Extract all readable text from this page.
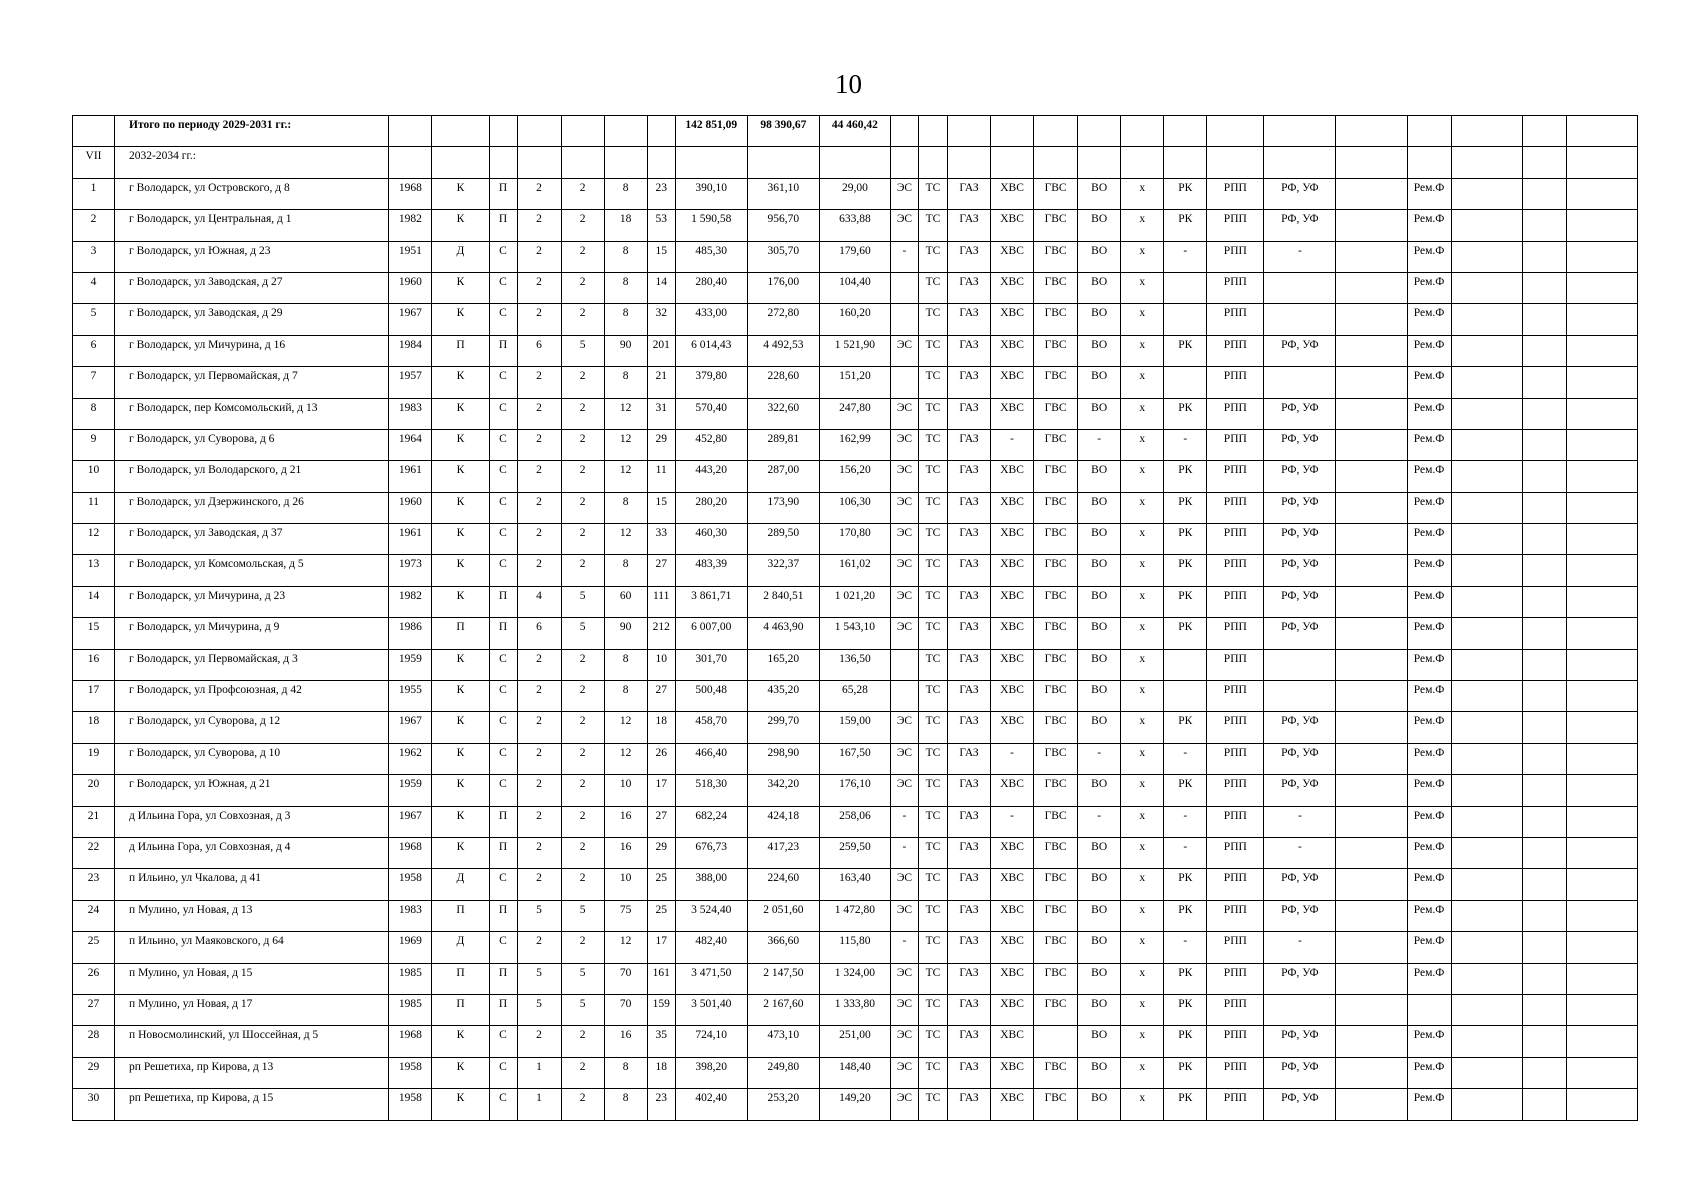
10
	Итого по периоду 2029-2031 гг.:								142 851,09	98 390,67	44 460,42															
VII	2032-2034 гг.:																									
1	г Володарск, ул Островского, д 8	1968	К	П	2	2	8	23	390,10	361,10	29,00	ЭС	ТС	ГАЗ	ХВС	ГВС	ВО	х	РК	РПП	РФ, УФ		Рем.Ф			
2	г Володарск, ул Центральная, д 1	1982	К	П	2	2	18	53	1 590,58	956,70	633,88	ЭС	ТС	ГАЗ	ХВС	ГВС	ВО	х	РК	РПП	РФ, УФ		Рем.Ф			
3	г Володарск, ул Южная, д 23	1951	Д	С	2	2	8	15	485,30	305,70	179,60	-	ТС	ГАЗ	ХВС	ГВС	ВО	х	-	РПП	-		Рем.Ф			
4	г Володарск, ул Заводская, д 27	1960	К	С	2	2	8	14	280,40	176,00	104,40		ТС	ГАЗ	ХВС	ГВС	ВО	х		РПП			Рем.Ф			
5	г Володарск, ул Заводская, д 29	1967	К	С	2	2	8	32	433,00	272,80	160,20		ТС	ГАЗ	ХВС	ГВС	ВО	х		РПП			Рем.Ф			
6	г Володарск, ул Мичурина, д 16	1984	П	П	6	5	90	201	6 014,43	4 492,53	1 521,90	ЭС	ТС	ГАЗ	ХВС	ГВС	ВО	х	РК	РПП	РФ, УФ		Рем.Ф			
7	г Володарск, ул Первомайская, д 7	1957	К	С	2	2	8	21	379,80	228,60	151,20		ТС	ГАЗ	ХВС	ГВС	ВО	х		РПП			Рем.Ф			
8	г Володарск, пер Комсомольский, д 13	1983	К	С	2	2	12	31	570,40	322,60	247,80	ЭС	ТС	ГАЗ	ХВС	ГВС	ВО	х	РК	РПП	РФ, УФ		Рем.Ф			
9	г Володарск, ул Суворова, д 6	1964	К	С	2	2	12	29	452,80	289,81	162,99	ЭС	ТС	ГАЗ	-	ГВС	-	х	-	РПП	РФ, УФ		Рем.Ф			
10	г Володарск, ул Володарского, д 21	1961	К	С	2	2	12	11	443,20	287,00	156,20	ЭС	ТС	ГАЗ	ХВС	ГВС	ВО	х	РК	РПП	РФ, УФ		Рем.Ф			
11	г Володарск, ул Дзержинского, д 26	1960	К	С	2	2	8	15	280,20	173,90	106,30	ЭС	ТС	ГАЗ	ХВС	ГВС	ВО	х	РК	РПП	РФ, УФ		Рем.Ф			
12	г Володарск, ул Заводская, д 37	1961	К	С	2	2	12	33	460,30	289,50	170,80	ЭС	ТС	ГАЗ	ХВС	ГВС	ВО	х	РК	РПП	РФ, УФ		Рем.Ф			
13	г Володарск, ул Комсомольская, д 5	1973	К	С	2	2	8	27	483,39	322,37	161,02	ЭС	ТС	ГАЗ	ХВС	ГВС	ВО	х	РК	РПП	РФ, УФ		Рем.Ф			
14	г Володарск, ул Мичурина, д 23	1982	К	П	4	5	60	111	3 861,71	2 840,51	1 021,20	ЭС	ТС	ГАЗ	ХВС	ГВС	ВО	х	РК	РПП	РФ, УФ		Рем.Ф			
15	г Володарск, ул Мичурина, д 9	1986	П	П	6	5	90	212	6 007,00	4 463,90	1 543,10	ЭС	ТС	ГАЗ	ХВС	ГВС	ВО	х	РК	РПП	РФ, УФ		Рем.Ф			
16	г Володарск, ул Первомайская, д 3	1959	К	С	2	2	8	10	301,70	165,20	136,50		ТС	ГАЗ	ХВС	ГВС	ВО	х		РПП			Рем.Ф			
17	г Володарск, ул Профсоюзная, д 42	1955	К	С	2	2	8	27	500,48	435,20	65,28		ТС	ГАЗ	ХВС	ГВС	ВО	х		РПП			Рем.Ф			
18	г Володарск, ул Суворова, д 12	1967	К	С	2	2	12	18	458,70	299,70	159,00	ЭС	ТС	ГАЗ	ХВС	ГВС	ВО	х	РК	РПП	РФ, УФ		Рем.Ф			
19	г Володарск, ул Суворова, д 10	1962	К	С	2	2	12	26	466,40	298,90	167,50	ЭС	ТС	ГАЗ	-	ГВС	-	х	-	РПП	РФ, УФ		Рем.Ф			
20	г Володарск, ул Южная, д 21	1959	К	С	2	2	10	17	518,30	342,20	176,10	ЭС	ТС	ГАЗ	ХВС	ГВС	ВО	х	РК	РПП	РФ, УФ		Рем.Ф			
21	д Ильина Гора, ул Совхозная, д 3	1967	К	П	2	2	16	27	682,24	424,18	258,06	-	ТС	ГАЗ	-	ГВС	-	х	-	РПП	-		Рем.Ф			
22	д Ильина Гора, ул Совхозная, д 4	1968	К	П	2	2	16	29	676,73	417,23	259,50	-	ТС	ГАЗ	ХВС	ГВС	ВО	х	-	РПП	-		Рем.Ф			
23	п Ильино, ул Чкалова, д 41	1958	Д	С	2	2	10	25	388,00	224,60	163,40	ЭС	ТС	ГАЗ	ХВС	ГВС	ВО	х	РК	РПП	РФ, УФ		Рем.Ф			
24	п Мулино, ул Новая, д 13	1983	П	П	5	5	75	25	3 524,40	2 051,60	1 472,80	ЭС	ТС	ГАЗ	ХВС	ГВС	ВО	х	РК	РПП	РФ, УФ		Рем.Ф			
25	п Ильино, ул Маяковского, д 64	1969	Д	С	2	2	12	17	482,40	366,60	115,80	-	ТС	ГАЗ	ХВС	ГВС	ВО	х	-	РПП	-		Рем.Ф			
26	п Мулино, ул Новая, д 15	1985	П	П	5	5	70	161	3 471,50	2 147,50	1 324,00	ЭС	ТС	ГАЗ	ХВС	ГВС	ВО	х	РК	РПП	РФ, УФ		Рем.Ф			
27	п Мулино, ул Новая, д 17	1985	П	П	5	5	70	159	3 501,40	2 167,60	1 333,80	ЭС	ТС	ГАЗ	ХВС	ГВС	ВО	х	РК	РПП						
28	п Новосмолинский, ул Шоссейная, д 5	1968	К	С	2	2	16	35	724,10	473,10	251,00	ЭС	ТС	ГАЗ	ХВС		ВО	х	РК	РПП	РФ, УФ		Рем.Ф			
29	рп Решетиха, пр Кирова, д 13	1958	К	С	1	2	8	18	398,20	249,80	148,40	ЭС	ТС	ГАЗ	ХВС	ГВС	ВО	х	РК	РПП	РФ, УФ		Рем.Ф			
30	рп Решетиха, пр Кирова, д 15	1958	К	С	1	2	8	23	402,40	253,20	149,20	ЭС	ТС	ГАЗ	ХВС	ГВС	ВО	х	РК	РПП	РФ, УФ		Рем.Ф			
